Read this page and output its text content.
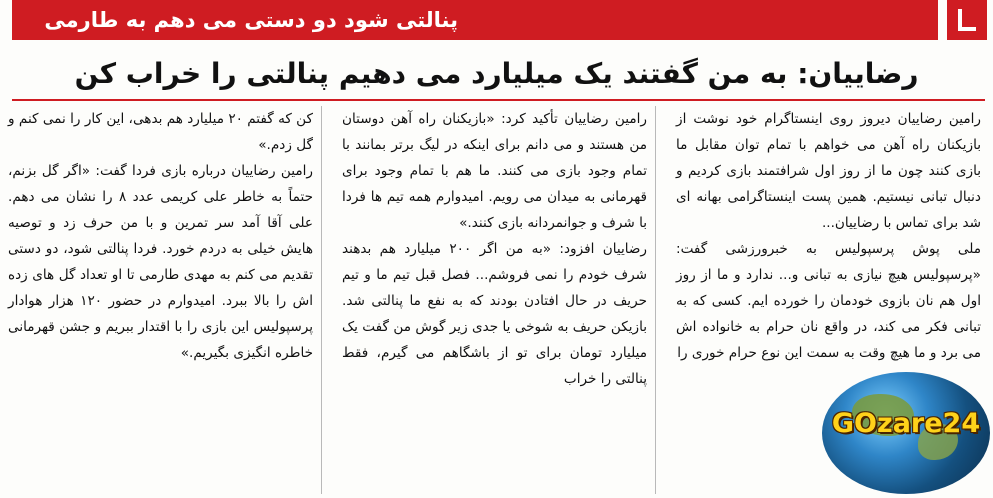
پنالتی شود دو دستی می دهم به طارمی
رضاییان: به من گفتند یک میلیارد می دهیم پنالتی را خراب کن

رامین رضاییان دیروز روی اینستاگرام خود نوشت از بازیکنان راه آهن می خواهم با تمام توان مقابل ما بازی کنند چون ما از روز اول شرافتمند بازی کردیم و دنبال تبانی نیستیم. همین پست اینستاگرامی بهانه ای شد برای تماس با رضاییان...

ملی پوش پرسپولیس به خبرورزشی گفت: «پرسپولیس هیچ نیازی به تبانی و... ندارد و ما از روز اول هم نان بازوی خودمان را خورده ایم. کسی که به تبانی فکر می کند، در واقع نان حرام به خانواده اش می برد و ما هیچ وقت به سمت این نوع حرام خوری را

رامین رضاییان تأکید کرد: «بازیکنان راه آهن دوستان من هستند و می دانم برای اینکه در لیگ برتر بمانند با تمام وجود بازی می کنند. ما هم با تمام وجود برای قهرمانی به میدان می رویم. امیدوارم همه تیم ها فردا با شرف و جوانمردانه بازی کنند.»

رضاییان افزود: «به من اگر ۲۰۰ میلیارد هم بدهند شرف خودم را نمی فروشم... فصل قبل تیم ما و تیم حریف در حال افتادن بودند که به نفع ما پنالتی شد. بازیکن حریف به شوخی یا جدی زیر گوش من گفت یک میلیارد تومان برای تو از باشگاهم می گیرم، فقط پنالتی را خراب

کن که گفتم ۲۰ میلیارد هم بدهی، این کار را نمی کنم و گل زدم.»

رامین رضاییان درباره بازی فردا گفت: «اگر گل بزنم، حتماً به خاطر علی کریمی عدد ۸ را نشان می دهم. علی آقا آمد سر تمرین و با من حرف زد و توصیه هایش خیلی به دردم خورد. فردا پنالتی شود، دو دستی تقدیم می کنم به مهدی طارمی تا او تعداد گل های زده اش را بالا ببرد. امیدوارم در حضور ۱۲۰ هزار هوادار پرسپولیس این بازی را با اقتدار ببریم و جشن قهرمانی خاطره انگیزی بگیریم.»

GOzare24
